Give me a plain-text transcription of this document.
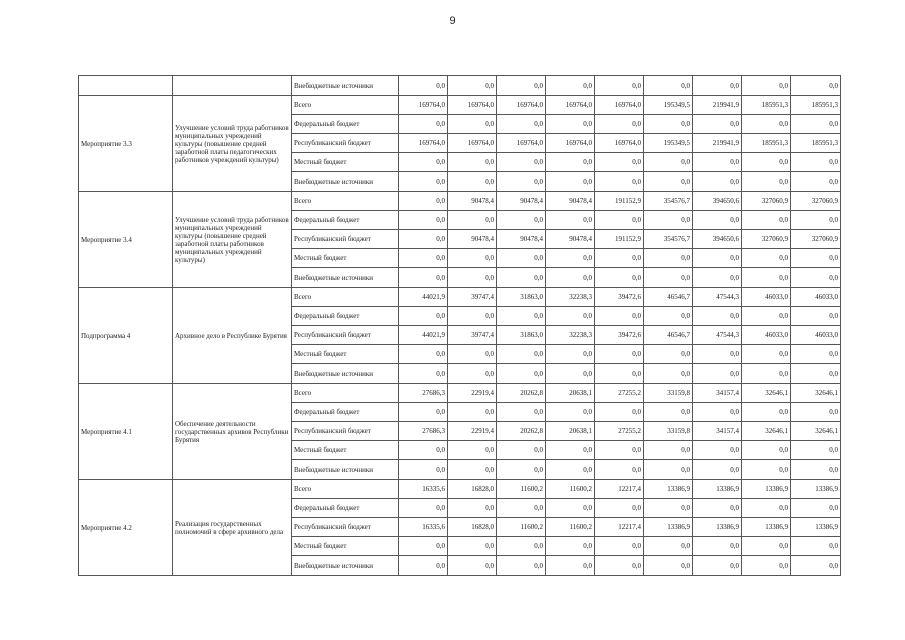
9
		Внебюджетные источники	0,0	0,0	0,0	0,0	0,0	0,0	0,0	0,0	0,0
Мероприятие 3.3	Улучшение условий труда работников муниципальных учреждений культуры (повышение средней заработной платы педагогических работников учреждений культуры)	Всего	169764,0	169764,0	169764,0	169764,0	169764,0	195349,5	219941,9	185951,3	185951,3
		Федеральный бюджет	0,0	0,0	0,0	0,0	0,0	0,0	0,0	0,0	0,0
		Республиканский бюджет	169764,0	169764,0	169764,0	169764,0	169764,0	195349,5	219941,9	185951,3	185951,3
		Местный бюджет	0,0	0,0	0,0	0,0	0,0	0,0	0,0	0,0	0,0
		Внебюджетные источники	0,0	0,0	0,0	0,0	0,0	0,0	0,0	0,0	0,0
Мероприятие 3.4	Улучшение условий труда работников муниципальных учреждений культуры (повышение средней заработной платы работников муниципальных учреждений культуры)	Всего	0,0	90478,4	90478,4	90478,4	191152,9	354576,7	394650,6	327060,9	327060,9
		Федеральный бюджет	0,0	0,0	0,0	0,0	0,0	0,0	0,0	0,0	0,0
		Республиканский бюджет	0,0	90478,4	90478,4	90478,4	191152,9	354576,7	394650,6	327060,9	327060,9
		Местный бюджет	0,0	0,0	0,0	0,0	0,0	0,0	0,0	0,0	0,0
		Внебюджетные источники	0,0	0,0	0,0	0,0	0,0	0,0	0,0	0,0	0,0
Подпрограмма 4	Архивное дело в Республике Бурятия	Всего	44021,9	39747,4	31863,0	32238,3	39472,6	46546,7	47544,3	46033,0	46033,0
		Федеральный бюджет	0,0	0,0	0,0	0,0	0,0	0,0	0,0	0,0	0,0
		Республиканский бюджет	44021,9	39747,4	31863,0	32238,3	39472,6	46546,7	47544,3	46033,0	46033,0
		Местный бюджет	0,0	0,0	0,0	0,0	0,0	0,0	0,0	0,0	0,0
		Внебюджетные источники	0,0	0,0	0,0	0,0	0,0	0,0	0,0	0,0	0,0
Мероприятие 4.1	Обеспечение деятельности государственных архивов Республики Бурятия	Всего	27686,3	22919,4	20262,8	20638,1	27255,2	33159,8	34157,4	32646,1	32646,1
		Федеральный бюджет	0,0	0,0	0,0	0,0	0,0	0,0	0,0	0,0	0,0
		Республиканский бюджет	27686,3	22919,4	20262,8	20638,1	27255,2	33159,8	34157,4	32646,1	32646,1
		Местный бюджет	0,0	0,0	0,0	0,0	0,0	0,0	0,0	0,0	0,0
		Внебюджетные источники	0,0	0,0	0,0	0,0	0,0	0,0	0,0	0,0	0,0
Мероприятие 4.2	Реализация государственных полномочий в сфере архивного дела	Всего	16335,6	16828,0	11600,2	11600,2	12217,4	13386,9	13386,9	13386,9	13386,9
		Федеральный бюджет	0,0	0,0	0,0	0,0	0,0	0,0	0,0	0,0	0,0
		Республиканский бюджет	16335,6	16828,0	11600,2	11600,2	12217,4	13386,9	13386,9	13386,9	13386,9
		Местный бюджет	0,0	0,0	0,0	0,0	0,0	0,0	0,0	0,0	0,0
		Внебюджетные источники	0,0	0,0	0,0	0,0	0,0	0,0	0,0	0,0	0,0
